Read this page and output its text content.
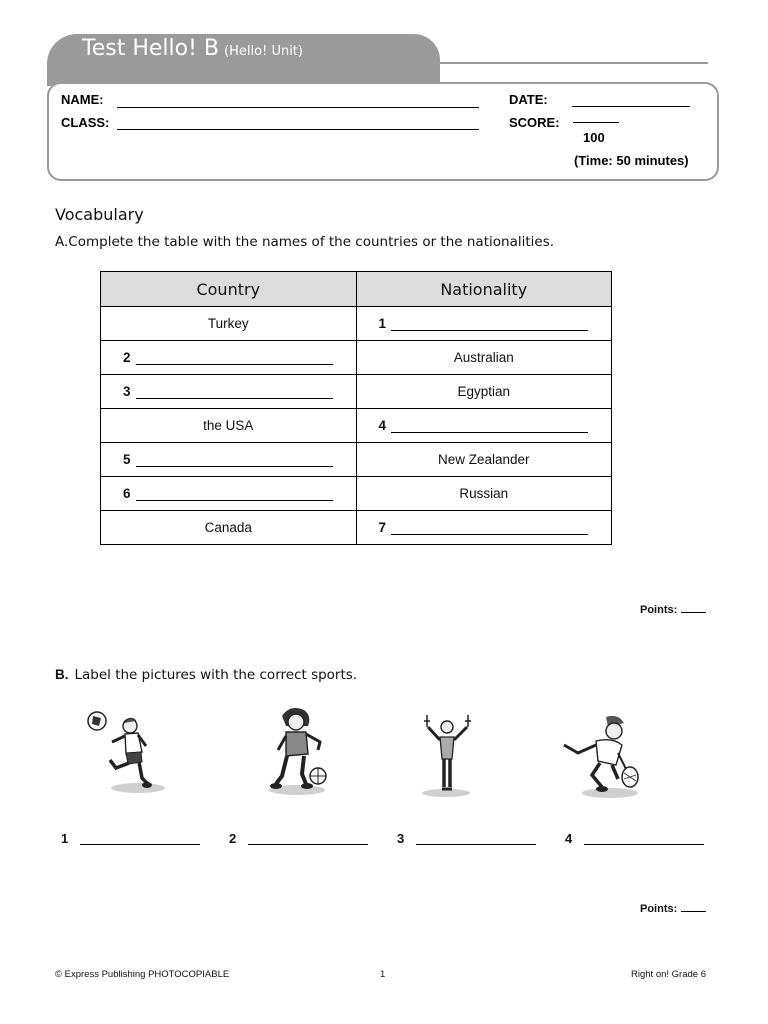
Test Hello! B (Hello! Unit)
NAME:
CLASS:
DATE:
SCORE:
100
(Time: 50 minutes)
Vocabulary
A.Complete the table with the names of the countries or the nationalities.
Country	Nationality
Turkey	1

2	Australian

3	Egyptian
the USA	4

5	New Zealander

6	Russian
Canada	7
Points:
B. Label the pictures with the correct sports.
1	2	3	4
Points:
© Express Publishing PHOTOCOPIABLE	1	Right on! Grade 6
